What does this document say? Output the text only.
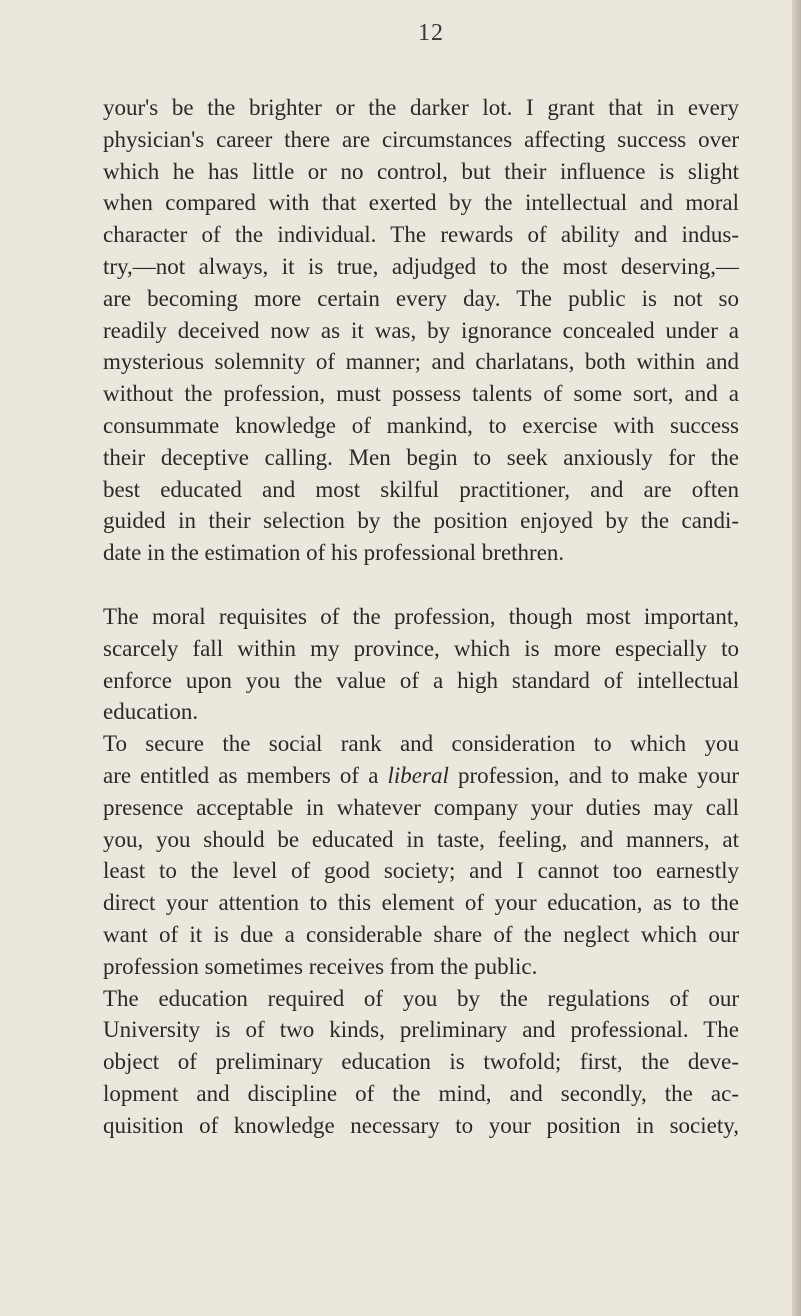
12
your's be the brighter or the darker lot. I grant that in every
physician's career there are circumstances affecting success over
which he has little or no control, but their influence is slight
when compared with that exerted by the intellectual and moral
character of the individual. The rewards of ability and indus-
try,—not always, it is true, adjudged to the most deserving,—
are becoming more certain every day. The public is not so
readily deceived now as it was, by ignorance concealed under a
mysterious solemnity of manner; and charlatans, both within and
without the profession, must possess talents of some sort, and a
consummate knowledge of mankind, to exercise with success
their deceptive calling. Men begin to seek anxiously for the
best educated and most skilful practitioner, and are often
guided in their selection by the position enjoyed by the candi-
date in the estimation of his professional brethren.
The moral requisites of the profession, though most important,
scarcely fall within my province, which is more especially to
enforce upon you the value of a high standard of intellectual
education.
To secure the social rank and consideration to which you
are entitled as members of a liberal profession, and to make your
presence acceptable in whatever company your duties may call
you, you should be educated in taste, feeling, and manners, at
least to the level of good society; and I cannot too earnestly
direct your attention to this element of your education, as to the
want of it is due a considerable share of the neglect which our
profession sometimes receives from the public.
The education required of you by the regulations of our
University is of two kinds, preliminary and professional. The
object of preliminary education is twofold; first, the deve-
lopment and discipline of the mind, and secondly, the ac-
quisition of knowledge necessary to your position in society,
